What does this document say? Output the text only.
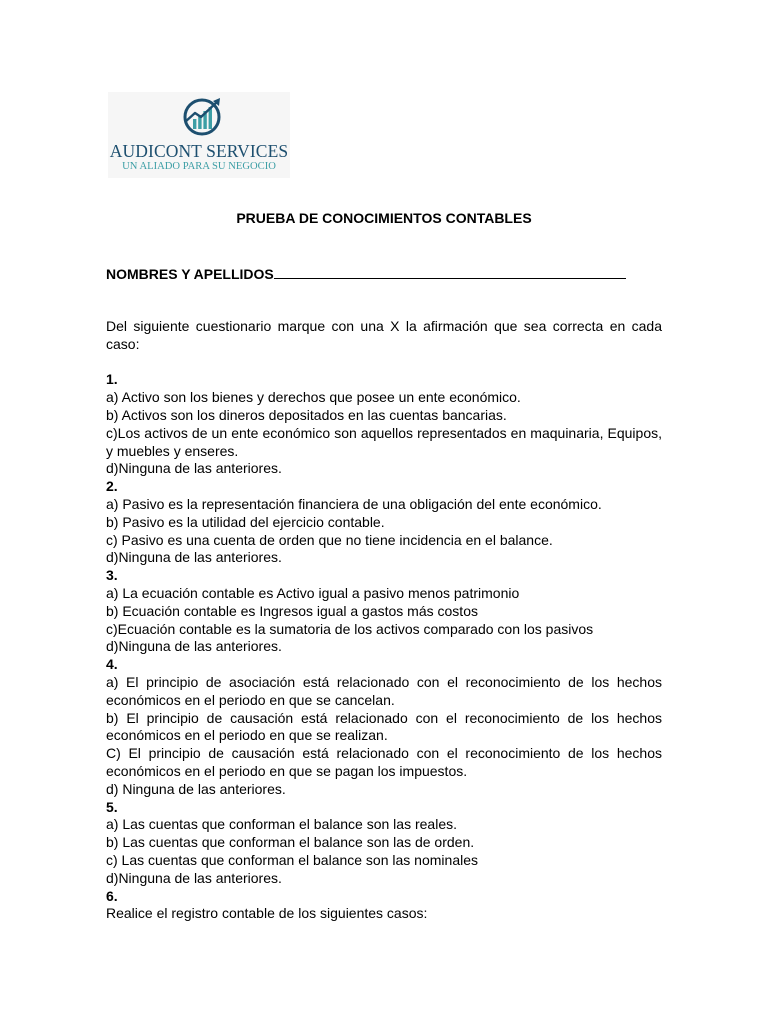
AUDICONT SERVICES
UN ALIADO PARA SU NEGOCIO
PRUEBA DE CONOCIMIENTOS CONTABLES
NOMBRES Y APELLIDOS
Del siguiente cuestionario marque con una X la afirmación que sea correcta en cada caso:
1.
a) Activo son los bienes y derechos que posee un ente económico.
b) Activos son los dineros depositados en las cuentas bancarias.
c)Los activos de un ente económico son aquellos representados en maquinaria, Equipos, y muebles y enseres.
d)Ninguna de las anteriores.
2.
a) Pasivo es la representación financiera de una obligación del ente económico.
b) Pasivo es la utilidad del ejercicio contable.
c) Pasivo es una cuenta de orden que no tiene incidencia en el balance.
d)Ninguna de las anteriores.
3.
a) La ecuación contable es Activo igual a pasivo menos patrimonio
b) Ecuación contable es Ingresos igual a gastos más costos
c)Ecuación contable es la sumatoria de los activos comparado con los pasivos
d)Ninguna de las anteriores.
4.
a) El principio de asociación está relacionado con el reconocimiento de los hechos económicos en el periodo en que se cancelan.
b) El principio de causación está relacionado con el reconocimiento de los hechos económicos en el periodo en que se realizan.
C) El principio de causación está relacionado con el reconocimiento de los hechos económicos en el periodo en que se pagan los impuestos.
d) Ninguna de las anteriores.
5.
a) Las cuentas que conforman el balance son las reales.
b) Las cuentas que conforman el balance son las de orden.
c) Las cuentas que conforman el balance son las nominales
d)Ninguna de las anteriores.
6.
Realice el registro contable de los siguientes casos:
